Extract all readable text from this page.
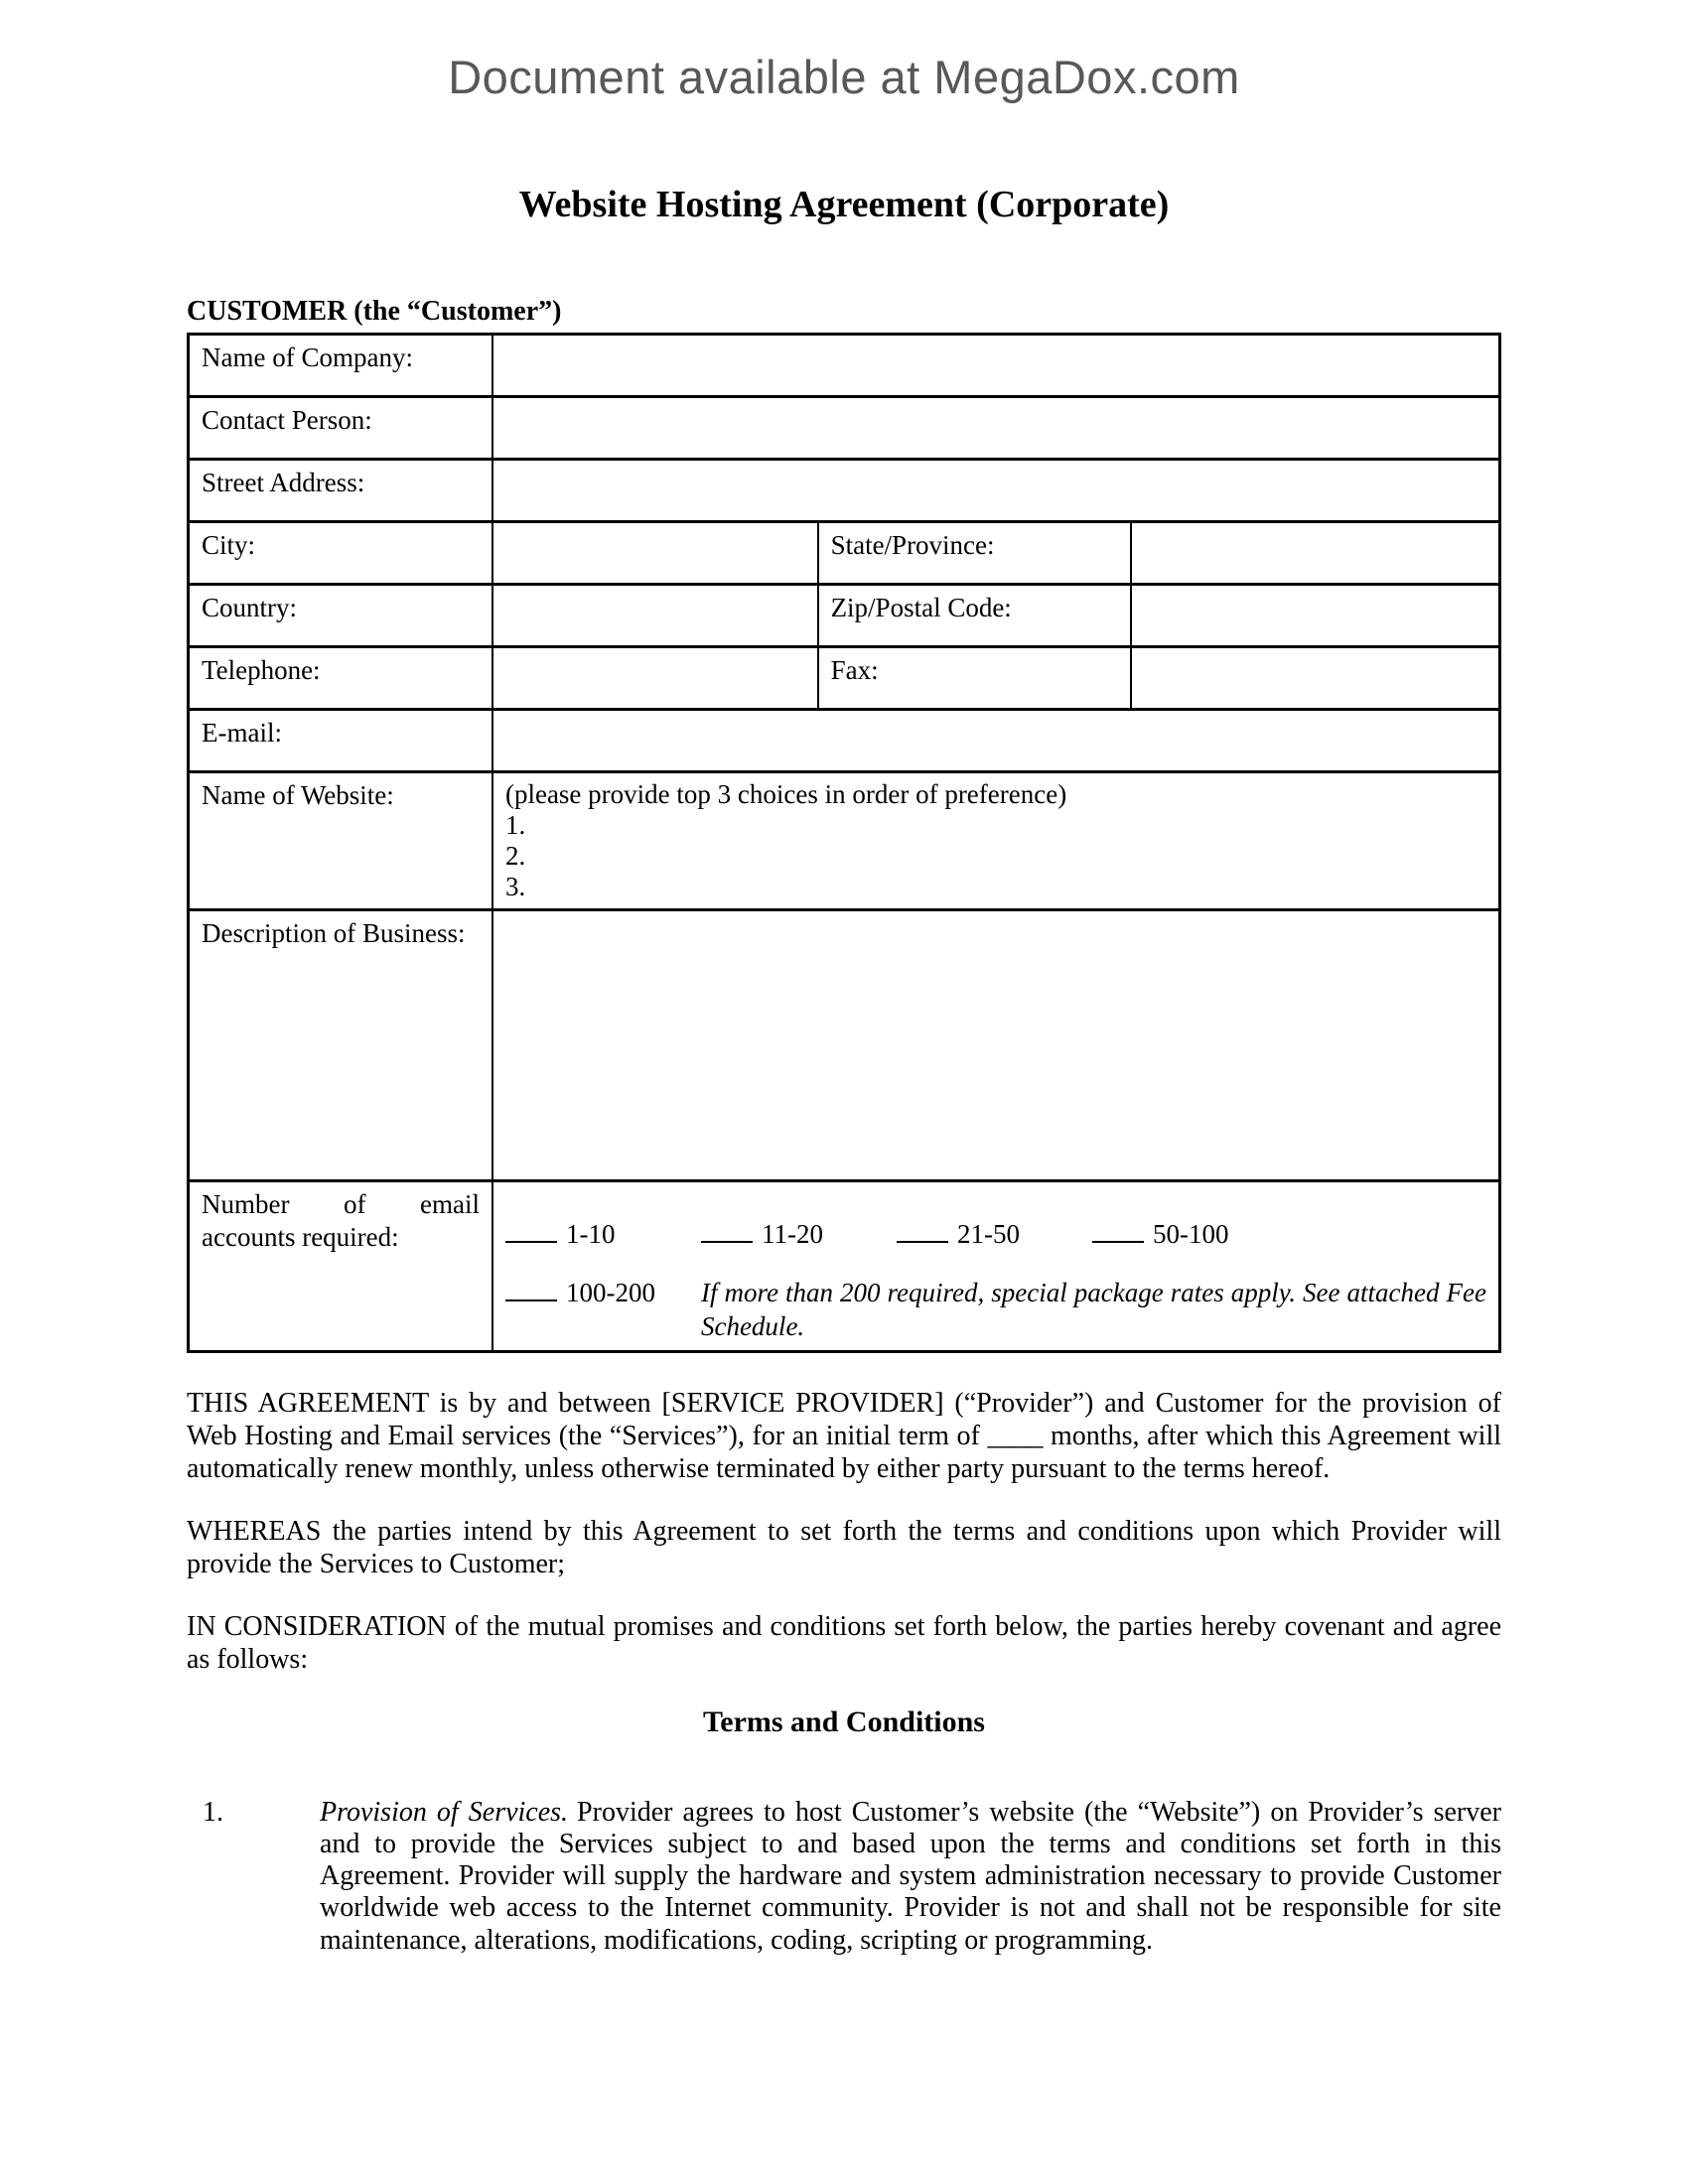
Document available at MegaDox.com
Website Hosting Agreement (Corporate)
CUSTOMER (the “Customer”)
Name of Company:			
Contact Person:			
Street Address:			
City:		State/Province:	
Country:		Zip/Postal Code:	
Telephone:		Fax:	
E-mail:			
Name of Website:	(please provide top 3 choices in order of preference)
1.
2.
3.		

Description of Business:			
Number of email accounts required:	1-10 11-20 21-50 50-100
100-200 If more than 200 required, special package rates apply. See attached Fee Schedule.		

THIS AGREEMENT is by and between [SERVICE PROVIDER] (“Provider”) and Customer for the provision of Web Hosting and Email services (the “Services”), for an initial term of ____ months, after which this Agreement will automatically renew monthly, unless otherwise terminated by either party pursuant to the terms hereof.

WHEREAS the parties intend by this Agreement to set forth the terms and conditions upon which Provider will provide the Services to Customer;

IN CONSIDERATION of the mutual promises and conditions set forth below, the parties hereby covenant and agree as follows:

Terms and Conditions
1.	Provision of Services. Provider agrees to host Customer’s website (the “Website”) on Provider’s server and to provide the Services subject to and based upon the terms and conditions set forth in this Agreement. Provider will supply the hardware and system administration necessary to provide Customer worldwide web access to the Internet community. Provider is not and shall not be responsible for site maintenance, alterations, modifications, coding, scripting or programming.
